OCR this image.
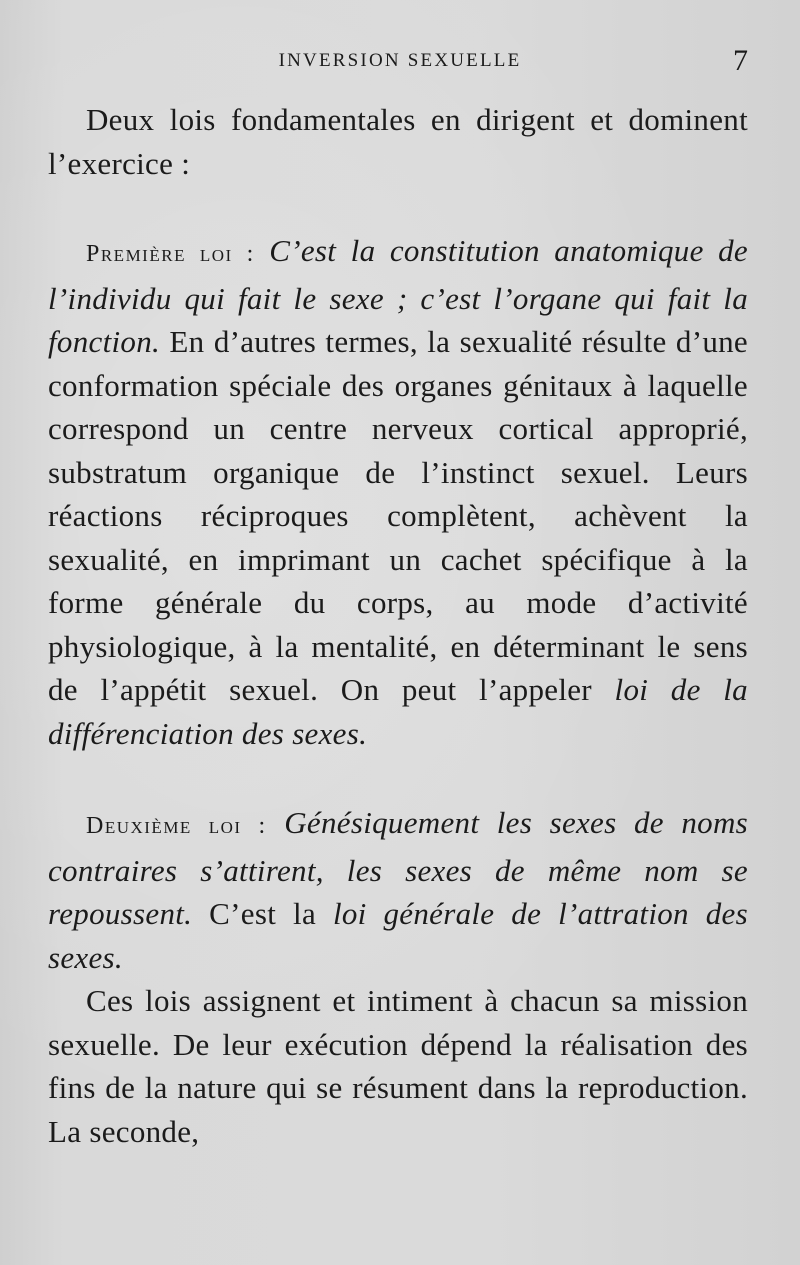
INVERSION SEXUELLE	7

Deux lois fondamentales en dirigent et dominent l’exercice :

Première loi : C’est la constitution anatomique de l’individu qui fait le sexe ; c’est l’organe qui fait la fonction. En d’autres termes, la sexualité résulte d’une conformation spéciale des organes génitaux à laquelle correspond un centre nerveux cortical approprié, substratum organique de l’instinct sexuel. Leurs réactions réciproques complètent, achèvent la sexualité, en imprimant un cachet spécifique à la forme générale du corps, au mode d’activité physiologique, à la mentalité, en déterminant le sens de l’appétit sexuel. On peut l’appeler loi de la différenciation des sexes.

Deuxième loi : Génésiquement les sexes de noms contraires s’attirent, les sexes de même nom se repoussent. C’est la loi générale de l’attration des sexes.

Ces lois assignent et intiment à chacun sa mission sexuelle. De leur exécution dépend la réalisation des fins de la nature qui se résument dans la reproduction. La seconde,
